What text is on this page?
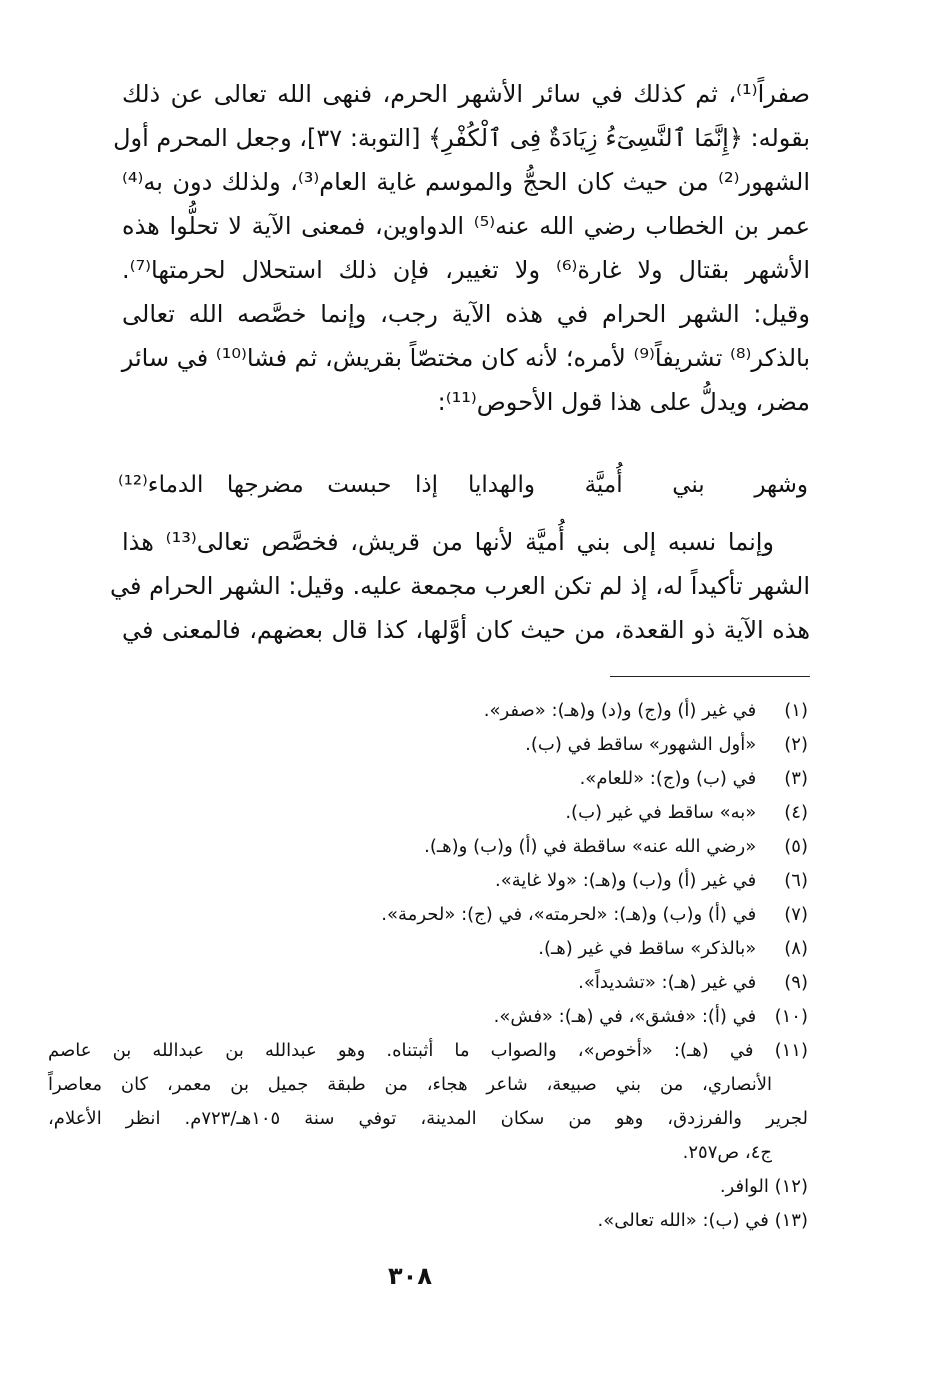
صفراً⁽¹⁾، ثم كذلك في سائر الأشهر الحرم، فنهى الله تعالى عن ذلك
بقوله: ﴿إِنَّمَا ٱلنَّسِىٓءُ زِيَادَةٌ فِى ٱلْكُفْرِ﴾ [التوبة: ٣٧]، وجعل المحرم أول
الشهور⁽²⁾ من حيث كان الحجُّ والموسم غاية العام⁽³⁾، ولذلك دون به⁽⁴⁾
عمر بن الخطاب رضي الله عنه⁽⁵⁾ الدواوين، فمعنى الآية لا تحلُّوا هذه
الأشهر بقتال ولا غارة⁽⁶⁾ ولا تغيير، فإن ذلك استحلال لحرمتها⁽⁷⁾.
وقيل: الشهر الحرام في هذه الآية رجب، وإنما خصَّصه الله تعالى
بالذكر⁽⁸⁾ تشريفاً⁽⁹⁾ لأمره؛ لأنه كان مختصّاً بقريش، ثم فشا⁽¹⁰⁾ في سائر
مضر، ويدلُّ على هذا قول الأحوص⁽¹¹⁾:
وشهر بني أُميَّة والهدايا
إذا حبست مضرجها الدماء⁽¹²⁾
وإنما نسبه إلى بني أُميَّة لأنها من قريش، فخصَّص تعالى⁽¹³⁾ هذا
الشهر تأكيداً له، إذ لم تكن العرب مجمعة عليه. وقيل: الشهر الحرام في
هذه الآية ذو القعدة، من حيث كان أوَّلها، كذا قال بعضهم، فالمعنى في
(١) في غير (أ) و(ج) و(د) و(هـ): «صفر».
(٢) «أول الشهور» ساقط في (ب).
(٣) في (ب) و(ج): «للعام».
(٤) «به» ساقط في غير (ب).
(٥) «رضي الله عنه» ساقطة في (أ) و(ب) و(هـ).
(٦) في غير (أ) و(ب) و(هـ): «ولا غاية».
(٧) في (أ) و(ب) و(هـ): «لحرمته»، في (ج): «لحرمة».
(٨) «بالذكر» ساقط في غير (هـ).
(٩) في غير (هـ): «تشديداً».
(١٠) في (أ): «فشق»، في (هـ): «فش».
(١١) في (هـ): «أخوص»، والصواب ما أثبتناه. وهو عبدالله بن عبدالله بن عاصم
الأنصاري، من بني صبيعة، شاعر هجاء، من طبقة جميل بن معمر، كان معاصراً
لجرير والفرزدق، وهو من سكان المدينة، توفي سنة ١٠٥هـ/٧٢٣م. انظر الأعلام،
ج٤، ص٢٥٧.
(١٢) الوافر.
(١٣) في (ب): «الله تعالى».
٣٠٨
